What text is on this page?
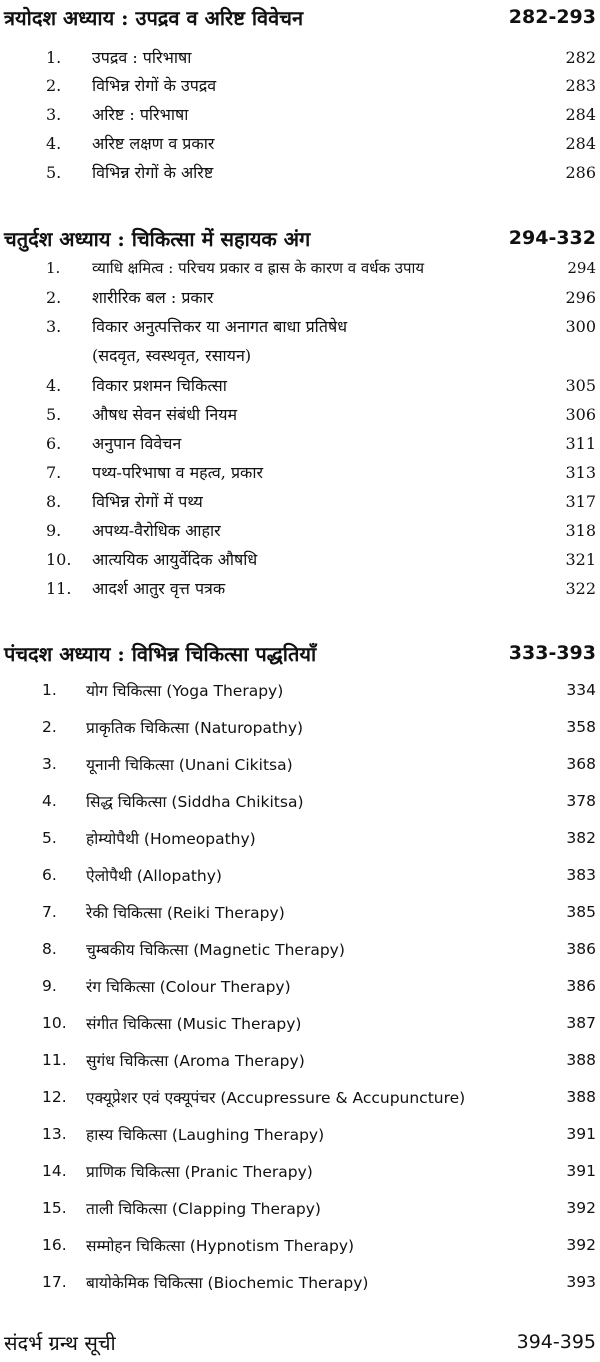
त्रयोदश अध्याय : उपद्रव व अरिष्ट विवेचन	282-293
1.	उपद्रव : परिभाषा	282
2.	विभिन्न रोगों के उपद्रव	283
3.	अरिष्ट : परिभाषा	284
4.	अरिष्ट लक्षण व प्रकार	284
5.	विभिन्न रोगों के अरिष्ट	286
चतुर्दश अध्याय : चिकित्सा में सहायक अंग	294-332
1.	व्याधि क्षमित्व : परिचय प्रकार व ह्रास के कारण व वर्धक उपाय	294
2.	शारीरिक बल : प्रकार	296
3.	विकार अनुत्पत्तिकर या अनागत बाधा प्रतिषेध	300
(सदवृत, स्वस्थवृत, रसायन)
4.	विकार प्रशमन चिकित्सा	305
5.	औषध सेवन संबंधी नियम	306
6.	अनुपान विवेचन	311
7.	पथ्य-परिभाषा व महत्व, प्रकार	313
8.	विभिन्न रोगों में पथ्य	317
9.	अपथ्य-वैरोधिक आहार	318
10.	आत्ययिक आयुर्वेदिक औषधि	321
11.	आदर्श आतुर वृत्त पत्रक	322
पंचदश अध्याय : विभिन्न चिकित्सा पद्धतियाँ	333-393
1.	योग चिकित्सा (Yoga Therapy)	334
2.	प्राकृतिक चिकित्सा (Naturopathy)	358
3.	यूनानी चिकित्सा (Unani Cikitsa)	368
4.	सिद्ध चिकित्सा (Siddha Chikitsa)	378
5.	होम्योपैथी (Homeopathy)	382
6.	ऐलोपैथी (Allopathy)	383
7.	रेकी चिकित्सा (Reiki Therapy)	385
8.	चुम्बकीय चिकित्सा (Magnetic Therapy)	386
9.	रंग चिकित्सा (Colour Therapy)	386
10.	संगीत चिकित्सा (Music Therapy)	387
11.	सुगंध चिकित्सा (Aroma Therapy)	388
12.	एक्यूप्रेशर एवं एक्यूपंचर (Accupressure & Accupuncture)	388
13.	हास्य चिकित्सा (Laughing Therapy)	391
14.	प्राणिक चिकित्सा (Pranic Therapy)	391
15.	ताली चिकित्सा (Clapping Therapy)	392
16.	सम्मोहन चिकित्सा (Hypnotism Therapy)	392
17.	बायोकेमिक चिकित्सा (Biochemic Therapy)	393
संदर्भ ग्रन्थ सूची	394-395
